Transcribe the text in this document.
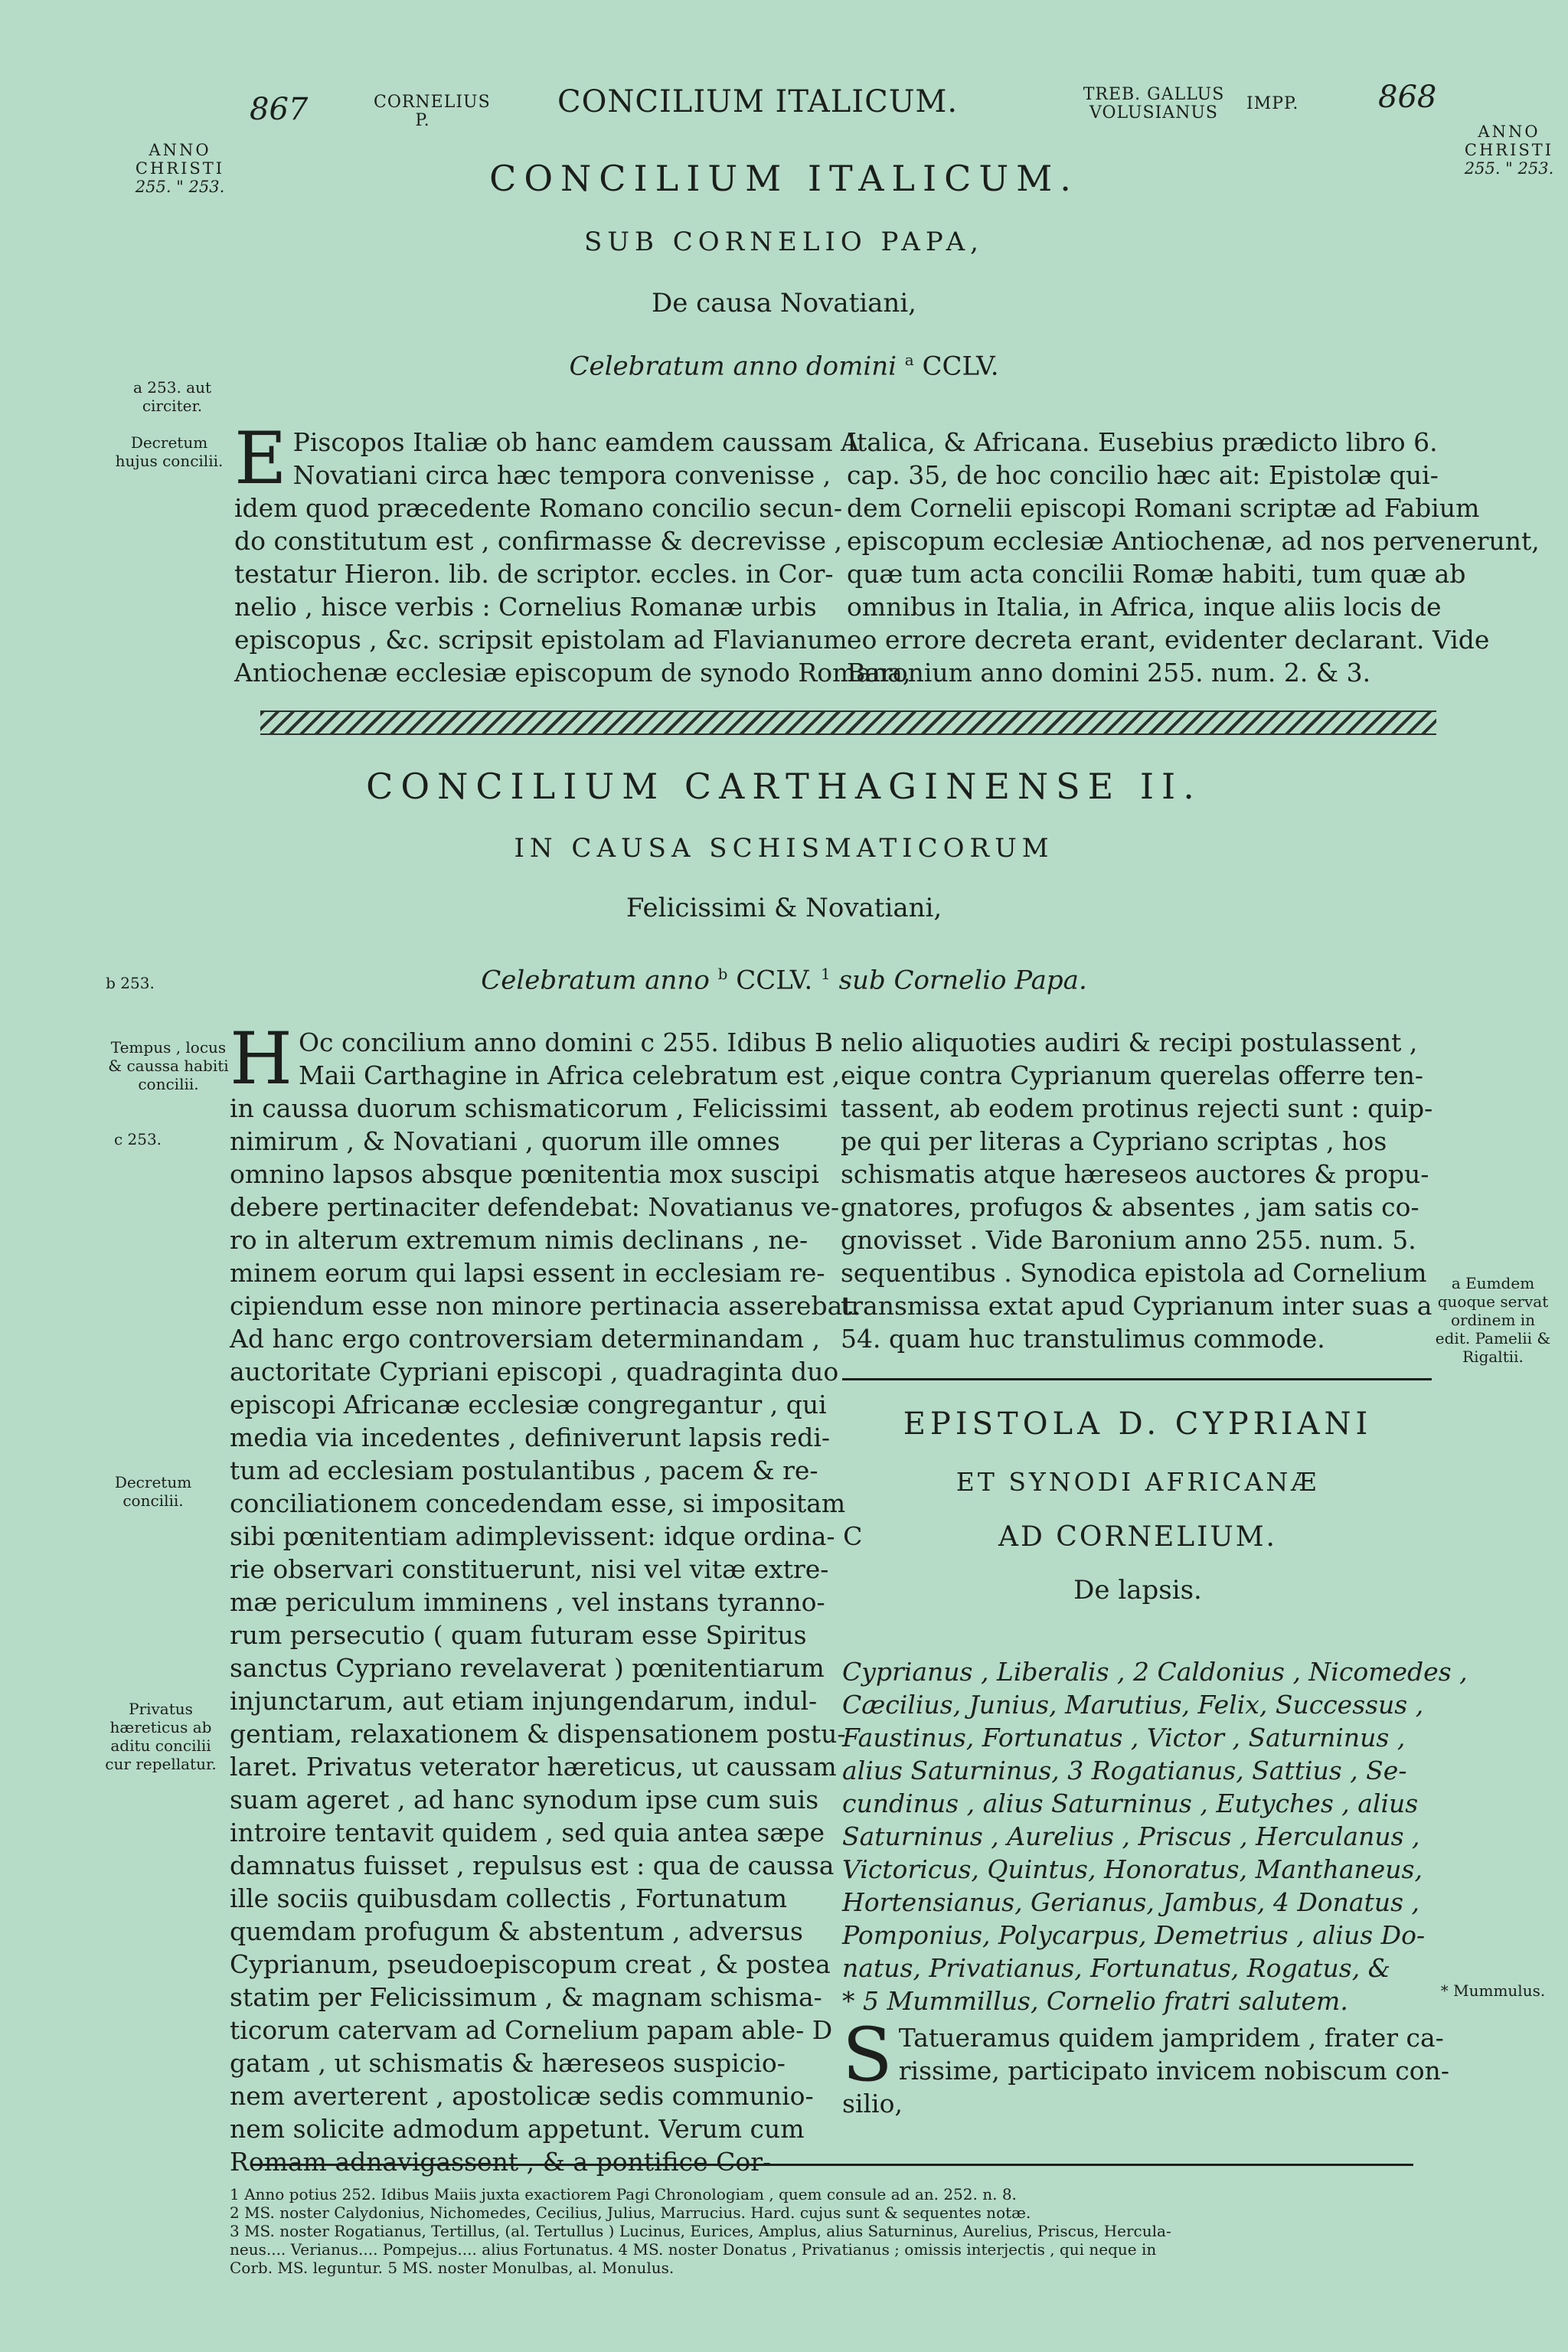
867	CORNELIUS
P.
CONCILIUM ITALICUM.	TREB. GALLUS
VOLUSIANUS	IMPP.	868
ANNO
CHRISTI
255. " 253.
ANNO
CHRISTI
255. " 253.
CONCILIUM ITALICUM.
SUB CORNELIO PAPA,
De causa Novatiani,
Celebratum anno domini $^a$ CCLV.
a 253. aut circiter.
Decretum hujus concilii. E Piscopos Italiæ ob hanc eamdem caussam A
Novatiani circa hæc tempora convenisse ,
idem quod præcedente Romano concilio secun-
do constitutum est , confirmasse & decrevisse ,
testatur Hieron. lib. de scriptor. eccles. in Cor-
nelio , hisce verbis : Cornelius Romanæ urbis
episcopus , &c. scripsit epistolam ad Flavianum
Antiochenæ ecclesiæ episcopum de synodo Romana,
Italica, & Africana. Eusebius prædicto libro 6.
cap. 35, de hoc concilio hæc ait: Epistolæ qui-
dem Cornelii episcopi Romani scriptæ ad Fabium
episcopum ecclesiæ Antiochenæ, ad nos pervenerunt,
quæ tum acta concilii Romæ habiti, tum quæ ab
omnibus in Italia, in Africa, inque aliis locis de
eo errore decreta erant, evidenter declarant. Vide
Baronium anno domini 255. num. 2. & 3.
CONCILIUM CARTHAGINENSE II.
IN CAUSA SCHISMATICORUM
Felicissimi & Novatiani,
Celebratum anno $^b$ CCLV. $^1$ sub Cornelio Papa.
b 253.
Tempus , locus & caussa habiti concilii.
c 253.
Decretum concilii.
Privatus hæreticus ab aditu concilii cur repellatur.
H Oc concilium anno domini c 255. Idibus B
Maii Carthagine in Africa celebratum est ,
in caussa duorum schismaticorum , Felicissimi
nimirum , & Novatiani , quorum ille omnes
omnino lapsos absque pœnitentia mox suscipi
debere pertinaciter defendebat: Novatianus ve-
ro in alterum extremum nimis declinans , ne-
minem eorum qui lapsi essent in ecclesiam re-
cipiendum esse non minore pertinacia asserebat.
Ad hanc ergo controversiam determinandam ,
auctoritate Cypriani episcopi , quadraginta duo
episcopi Africanæ ecclesiæ congregantur , qui
media via incedentes , definiverunt lapsis redi-
tum ad ecclesiam postulantibus , pacem & re-
conciliationem concedendam esse, si impositam
sibi pœnitentiam adimplevissent: idque ordina- C
rie observari constituerunt, nisi vel vitæ extre-
mæ periculum imminens , vel instans tyranno-
rum persecutio ( quam futuram esse Spiritus
sanctus Cypriano revelaverat ) pœnitentiarum
injunctarum, aut etiam injungendarum, indul-
gentiam, relaxationem & dispensationem postu-
laret. Privatus veterator hæreticus, ut caussam
suam ageret , ad hanc synodum ipse cum suis
introire tentavit quidem , sed quia antea sæpe
damnatus fuisset , repulsus est : qua de caussa
ille sociis quibusdam collectis , Fortunatum
quemdam profugum & abstentum , adversus
Cyprianum, pseudoepiscopum creat , & postea
statim per Felicissimum , & magnam schisma-
ticorum catervam ad Cornelium papam able- D
gatam , ut schismatis & hæreseos suspicio-
nem averterent , apostolicæ sedis communio-
nem solicite admodum appetunt. Verum cum
Romam adnavigassent , & a pontifice Cor-
nelio aliquoties audiri & recipi postulassent ,
eique contra Cyprianum querelas offerre ten-
tassent, ab eodem protinus rejecti sunt : quip-
pe qui per literas a Cypriano scriptas , hos
schismatis atque hæreseos auctores & propu-
gnatores, profugos & absentes , jam satis co-
gnovisset . Vide Baronium anno 255. num. 5.
sequentibus . Synodica epistola ad Cornelium
transmissa extat apud Cyprianum inter suas a
54. quam huc transtulimus commode.
a Eumdem quoque servat ordinem in edit. Pamelii & Rigaltii.
EPISTOLA D. CYPRIANI
ET SYNODI AFRICANÆ
AD CORNELIUM.
De lapsis.
Cyprianus , Liberalis , 2 Caldonius , Nicomedes ,
Cæcilius, Junius, Marutius, Felix, Successus ,
Faustinus, Fortunatus , Victor , Saturninus ,
alius Saturninus, 3 Rogatianus, Sattius , Se-
cundinus , alius Saturninus , Eutyches , alius
Saturninus , Aurelius , Priscus , Herculanus ,
Victoricus, Quintus, Honoratus, Manthaneus,
Hortensianus, Gerianus, Jambus, 4 Donatus ,
Pomponius, Polycarpus, Demetrius , alius Do-
natus, Privatianus, Fortunatus, Rogatus, &
* 5 Mummillus, Cornelio fratri salutem.	* Mummulus.
S Tatueramus quidem jampridem , frater ca-
rissime, participato invicem nobiscum con-
silio,
1 Anno potius 252. Idibus Maiis juxta exactiorem Pagi Chronologiam , quem consule ad an. 252. n. 8.
2 MS. noster Calydonius, Nichomedes, Cecilius, Julius, Marrucius. Hard. cujus sunt & sequentes notæ.
3 MS. noster Rogatianus, Tertillus, (al. Tertullus ) Lucinus, Eurices, Amplus, alius Saturninus, Aurelius, Priscus, Hercula-
neus.... Verianus.... Pompejus.... alius Fortunatus. 4 MS. noster Donatus , Privatianus ; omissis interjectis , qui neque in
Corb. MS. leguntur. 5 MS. noster Monulbas, al. Monulus.
